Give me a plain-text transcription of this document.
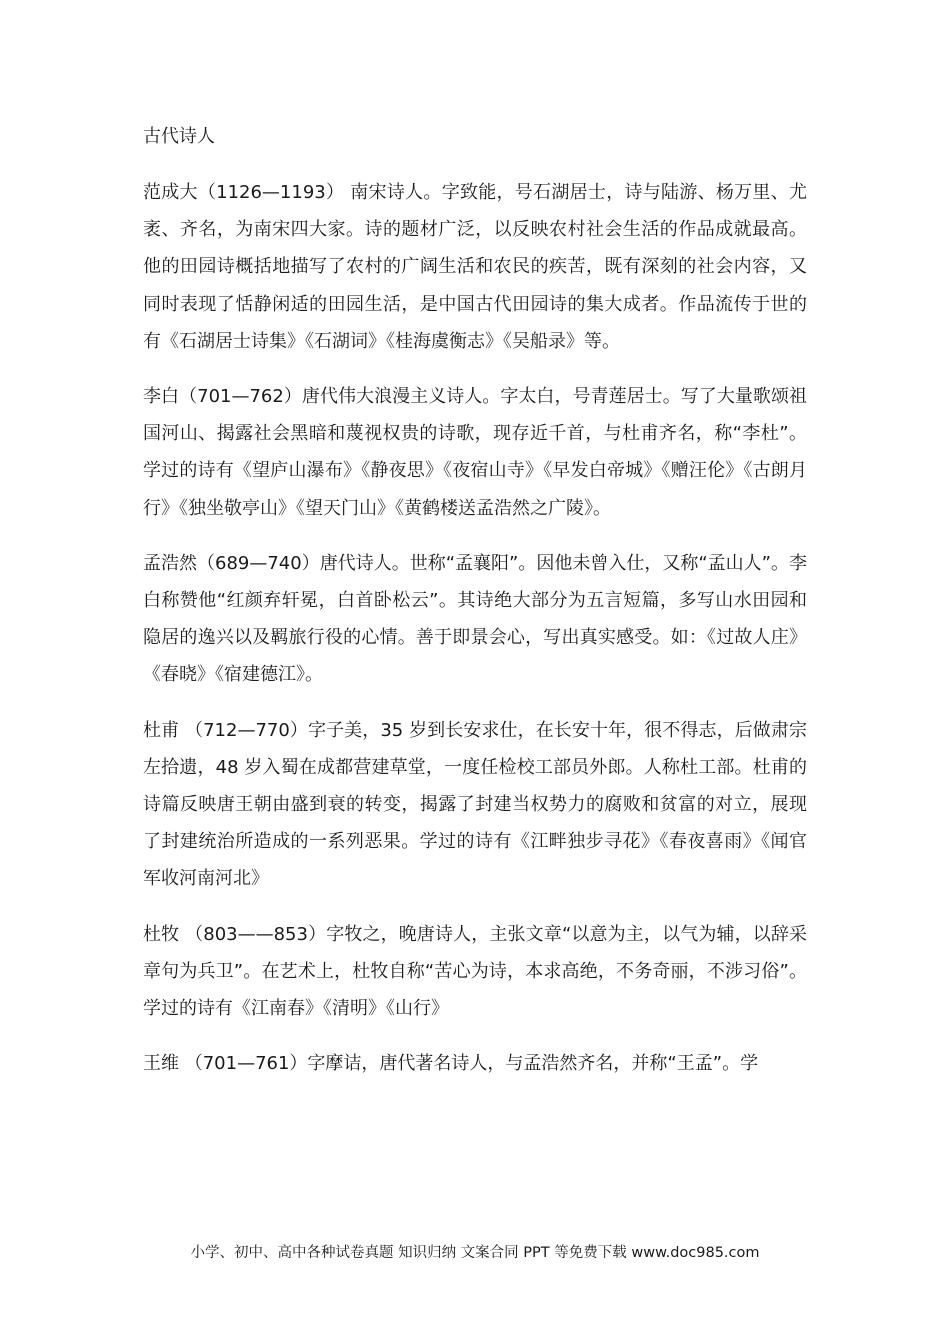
古代诗人

范成大（1126—1193） 南宋诗人。字致能，号石湖居士，诗与陆游、杨万里、尤袤、齐名，为南宋四大家。诗的题材广泛，以反映农村社会生活的作品成就最高。他的田园诗概括地描写了农村的广阔生活和农民的疾苦，既有深刻的社会内容，又同时表现了恬静闲适的田园生活，是中国古代田园诗的集大成者。作品流传于世的有《石湖居士诗集》《石湖词》《桂海虞衡志》《吴船录》等。

李白（701—762）唐代伟大浪漫主义诗人。字太白，号青莲居士。写了大量歌颂祖国河山、揭露社会黑暗和蔑视权贵的诗歌，现存近千首，与杜甫齐名，称“李杜”。学过的诗有《望庐山瀑布》《静夜思》《夜宿山寺》《早发白帝城》《赠汪伦》《古朗月行》《独坐敬亭山》《望天门山》《黄鹤楼送孟浩然之广陵》。

孟浩然（689—740）唐代诗人。世称“孟襄阳”。因他未曾入仕，又称“孟山人”。李白称赞他“红颜弃轩冕，白首卧松云”。其诗绝大部分为五言短篇，多写山水田园和隐居的逸兴以及羁旅行役的心情。善于即景会心，写出真实感受。如：《过故人庄》《春晓》《宿建德江》。

杜甫 （712—770）字子美，35 岁到长安求仕，在长安十年，很不得志，后做肃宗左拾遗，48 岁入蜀在成都营建草堂，一度任检校工部员外郎。人称杜工部。杜甫的诗篇反映唐王朝由盛到衰的转变，揭露了封建当权势力的腐败和贫富的对立，展现了封建统治所造成的一系列恶果。学过的诗有《江畔独步寻花》《春夜喜雨》《闻官军收河南河北》

杜牧 （803——853）字牧之，晚唐诗人，主张文章“以意为主，以气为辅，以辞采章句为兵卫”。在艺术上，杜牧自称“苦心为诗，本求高绝，不务奇丽，不涉习俗”。学过的诗有《江南春》《清明》《山行》

王维 （701—761）字摩诘，唐代著名诗人，与孟浩然齐名，并称“王孟”。学

小学、初中、高中各种试卷真题 知识归纳 文案合同 PPT 等免费下载 www.doc985.com
